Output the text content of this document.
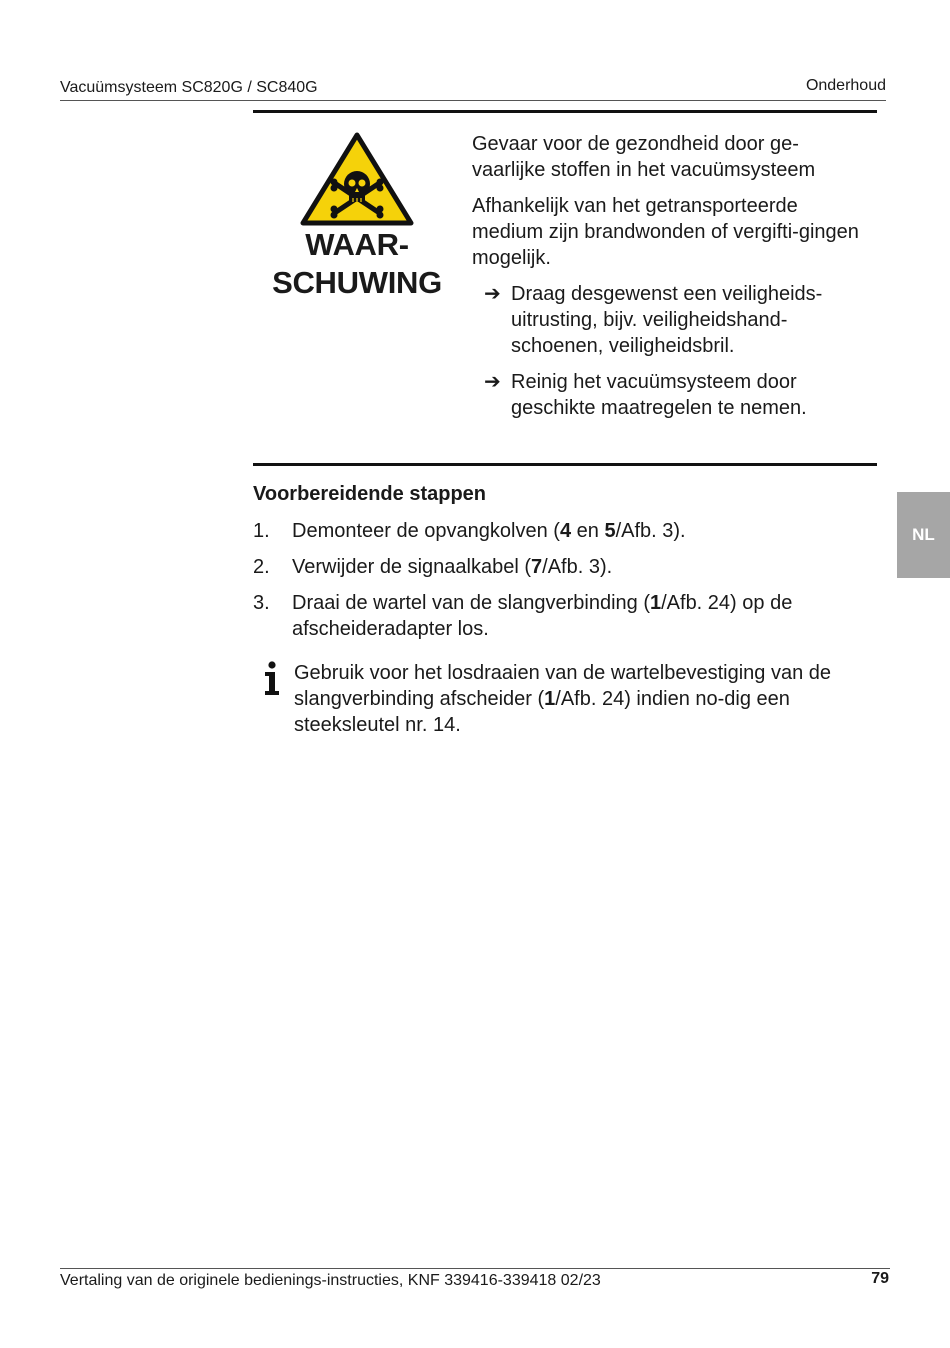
Vacuümsysteem SC820G / SC840G	Onderhoud
WAAR-
SCHUWING

Gevaar voor de gezondheid door ge-
vaarlijke stoffen in het vacuümsysteem

Afhankelijk van het getransporteerde medium zijn brandwonden of vergifti-gingen mogelijk.

➔ Draag desgewenst een veiligheids-uitrusting, bijv. veiligheidshand-schoenen, veiligheidsbril.
➔ Reinig het vacuümsysteem door geschikte maatregelen te nemen.
Voorbereidende stappen
1.	Demonteer de opvangkolven (4 en 5/Afb. 3).
2.	Verwijder de signaalkabel (7/Afb. 3).
3.	Draai de wartel van de slangverbinding (1/Afb. 24) op de afscheideradapter los.
Gebruik voor het losdraaien van de wartelbevestiging van de slangverbinding afscheider (1/Afb. 24) indien no-dig een steeksleutel nr. 14.
NL
Vertaling van de originele bedienings-instructies, KNF 339416-339418 02/23	79
